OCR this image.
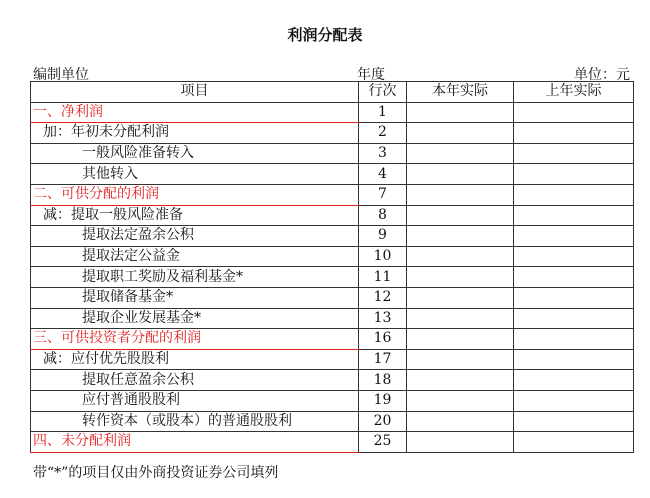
利润分配表
编制单位	年度	单位：元
项目	行次	本年实际	上年实际
一、净利润	1		
加：年初未分配利润	2		
一般风险准备转入	3		
其他转入	4		
二、可供分配的利润	7		
减：提取一般风险准备	8		
提取法定盈余公积	9		
提取法定公益金	10		
提取职工奖励及福利基金*	11		
提取储备基金*	12		
提取企业发展基金*	13		
三、可供投资者分配的利润	16		
减：应付优先股股利	17		
提取任意盈余公积	18		
应付普通股股利	19		
转作资本（或股本）的普通股股利	20		
四、未分配利润	25		
带“*”的项目仅由外商投资证券公司填列
